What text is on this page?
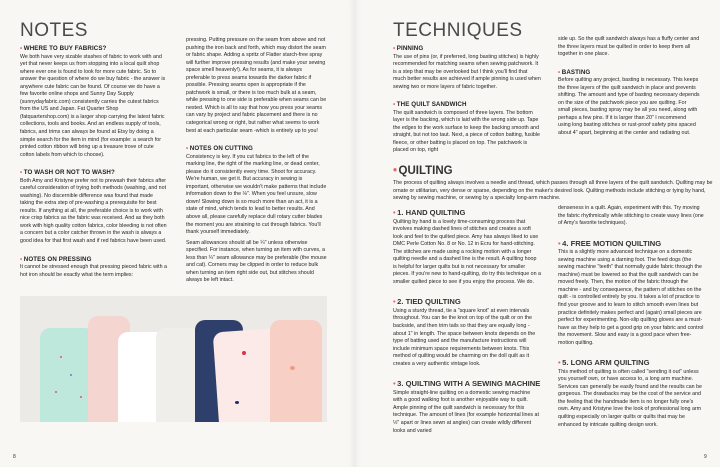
NOTES
• WHERE TO BUY FABRICS?

We both have very sizable stashes of fabric to work with and yet that never keeps us from stopping into a local quilt shop where ever one is found to look for more cute fabric. So to answer the question of where do we buy fabric - the answer is anywhere cute fabric can be found. Of course we do have a few favorite online shops and Sunny Day Supply (sunnydayfabric.com) consistently carries the cutest fabrics from the US and Japan. Fat Quarter Shop (fatquartershop.com) is a larger shop carrying the latest fabric collections, tools and books. And an endless supply of tools, fabrics, and trims can always be found at Etsy by doing a simple search for the item in mind (for example: a search for printed cotton ribbon will bring up a treasure trove of cute cotton labels from which to choose).

• TO WASH OR NOT TO WASH?

Both Amy and Kristyne prefer not to prewash their fabrics after careful consideration of trying both methods (washing, and not washing). No discernible difference was found that made taking the extra step of pre-washing a prerequisite for best results. If anything at all, the preferable choice is to work with nice crisp fabrics as the fabric was received. And as they both work with high quality cotton fabrics, color bleeding is not often a concern but a color catcher thrown in the wash is always a good idea for that first wash and if red fabrics have been used.

• NOTES ON PRESSING

It cannot be stressed enough that pressing pieced fabric with a hot iron should be exactly what the term implies:

pressing. Putting pressure on the seam from above and not pushing the iron back and forth, which may distort the seam or fabric shape. Adding a spritz of Flatter starch-free spray will further improve pressing results (and make your sewing space smell heavenly!). As for seams, it is always preferable to press seams towards the darker fabric if possible. Pressing seams open is appropriate if the patchwork is small, or there is too much bulk at a seam, while pressing to one side is preferable when seams can be nested. Which is all to say that how you press your seams can vary by project and fabric placement and there is no categorical wrong or right, but rather what seems to work best at each particular seam -which is entirely up to you!

• NOTES ON CUTTING

Consistency is key. If you cut fabrics to the left of the marking line, the right of the marking line, or dead center, please do it consistently every time. Shoot for accuracy. We're human, we get it. But accuracy in sewing is important, otherwise we wouldn't make patterns that include information down to the ⅛". When you feel unsure, slow down! Slowing down is so much more than an act, it is a state of mind, which tends to lead to better results. And above all, please carefully replace dull rotary cutter blades the moment you are straining to cut through fabrics. You'll thank yourself immediately.

Seam allowances should all be ¼" unless otherwise specified. For instance, when turning an item with curves, a less than ¼" seam allowance may be preferable (the mouse and cat). Corners may be clipped in order to reduce bulk when turning an item right side out, but stitches should always be left intact.

8
TECHNIQUES
• PINNING

The use of pins (or, if preferred, long basting stitches) is highly recommended for matching seams when sewing patchwork. It is a step that may be overlooked but I think you'll find that much better results are achieved if ample pinning is used when sewing two or more layers of fabric together.

• THE QUILT SANDWICH

The quilt sandwich is composed of three layers. The bottom layer is the backing, which is laid with the wrong side up. Tape the edges to the work surface to keep the backing smooth and straight, but not too taut. Next, a piece of cotton batting, fusible fleece, or other batting is placed on top. The patchwork is placed on top, right

side up. So the quilt sandwich always has a fluffy center and the three layers must be quilted in order to keep them all together in one place.

• BASTING

Before quilting any project, basting is necessary. This keeps the three layers of the quilt sandwich in place and prevents shifting. The amount and type of basting necessary depends on the size of the patchwork piece you are quilting. For small pieces, basting spray may be all you need, along with perhaps a few pins. If it is larger than 20" I recommend using long basting stitches or rust-proof safety pins spaced about 4" apart, beginning at the center and radiating out.

• QUILTING

The process of quilting always involves a needle and thread, which passes through all three layers of the quilt sandwich. Quilting may be ornate or utilitarian, very dense or sparse, depending on the maker's desired look. Quilting methods include stitching or tying by hand, sewing by sewing machine, or sewing by a specialty long-arm machine.

• 1. HAND QUILTING

Quilting by hand is a lovely time-consuming process that involves making dashed lines of stitches and creates a soft look and feel to the quilted piece. Amy has always liked to use DMC Perle Cotton No. 8 or No. 12 in Ecru for hand-stitching. The stitches are made using a rocking motion with a longer quilting needle and a dashed line is the result. A quilting hoop is helpful for larger quilts but is not necessary for smaller pieces. If you're new to hand-quilting, do try this technique on a smaller quilted piece to see if you enjoy the process. We do.

• 2. TIED QUILTING

Using a sturdy thread, tie a "square knot" at even intervals throughout. You can tie the knot on top of the quilt or on the backside, and then trim tails so that they are equally long - about 1" in length. The space between knots depends on the type of batting used and the manufacture instructions will include minimum space requirements between knots. This method of quilting would be charming on the doll quilt as it creates a very authentic vintage look.

• 3. QUILTING WITH A SEWING MACHINE

Simple straight-line quilting on a domestic sewing machine with a good walking foot is another enjoyable way to quilt. Ample pinning of the quilt sandwich is necessary for this technique. The amount of lines (for example horizontal lines at ½" apart or lines sewn at angles) can create wildly different looks and varied

denseness in a quilt. Again, experiment with this. Try moving the fabric rhythmically while stitching to create wavy lines (one of Amy's favorite techniques).

• 4. FREE MOTION QUILTING

This is a slightly more advanced technique on a domestic sewing machine using a darning foot. The feed dogs (the sewing machine "teeth" that normally guide fabric through the machine) must be lowered so that the quilt sandwich can be moved freely. Then, the motion of the fabric through the machine - and by consequence, the pattern of stitches on the quilt - is controlled entirely by you. It takes a lot of practice to find your groove and to learn to stitch smooth even lines but practice definitely makes perfect and (again) small pieces are perfect for experimenting. Non-slip quilting gloves are a must-have as they help to get a good grip on your fabric and control the movement. Slow and easy is a good pace when free-motion quilting.

• 5. LONG ARM QUILTING

This method of quilting is often called "sending it out" unless you yourself own, or have access to, a long arm machine. Services can generally be easily found and the results can be gorgeous. The drawbacks may be the cost of the service and the feeling that the handmade item is no longer fully one's own. Amy and Kristyne love the look of professional long arm quilting especially on larger quilts or quilts that may be enhanced by intricate quilting design work.

9
